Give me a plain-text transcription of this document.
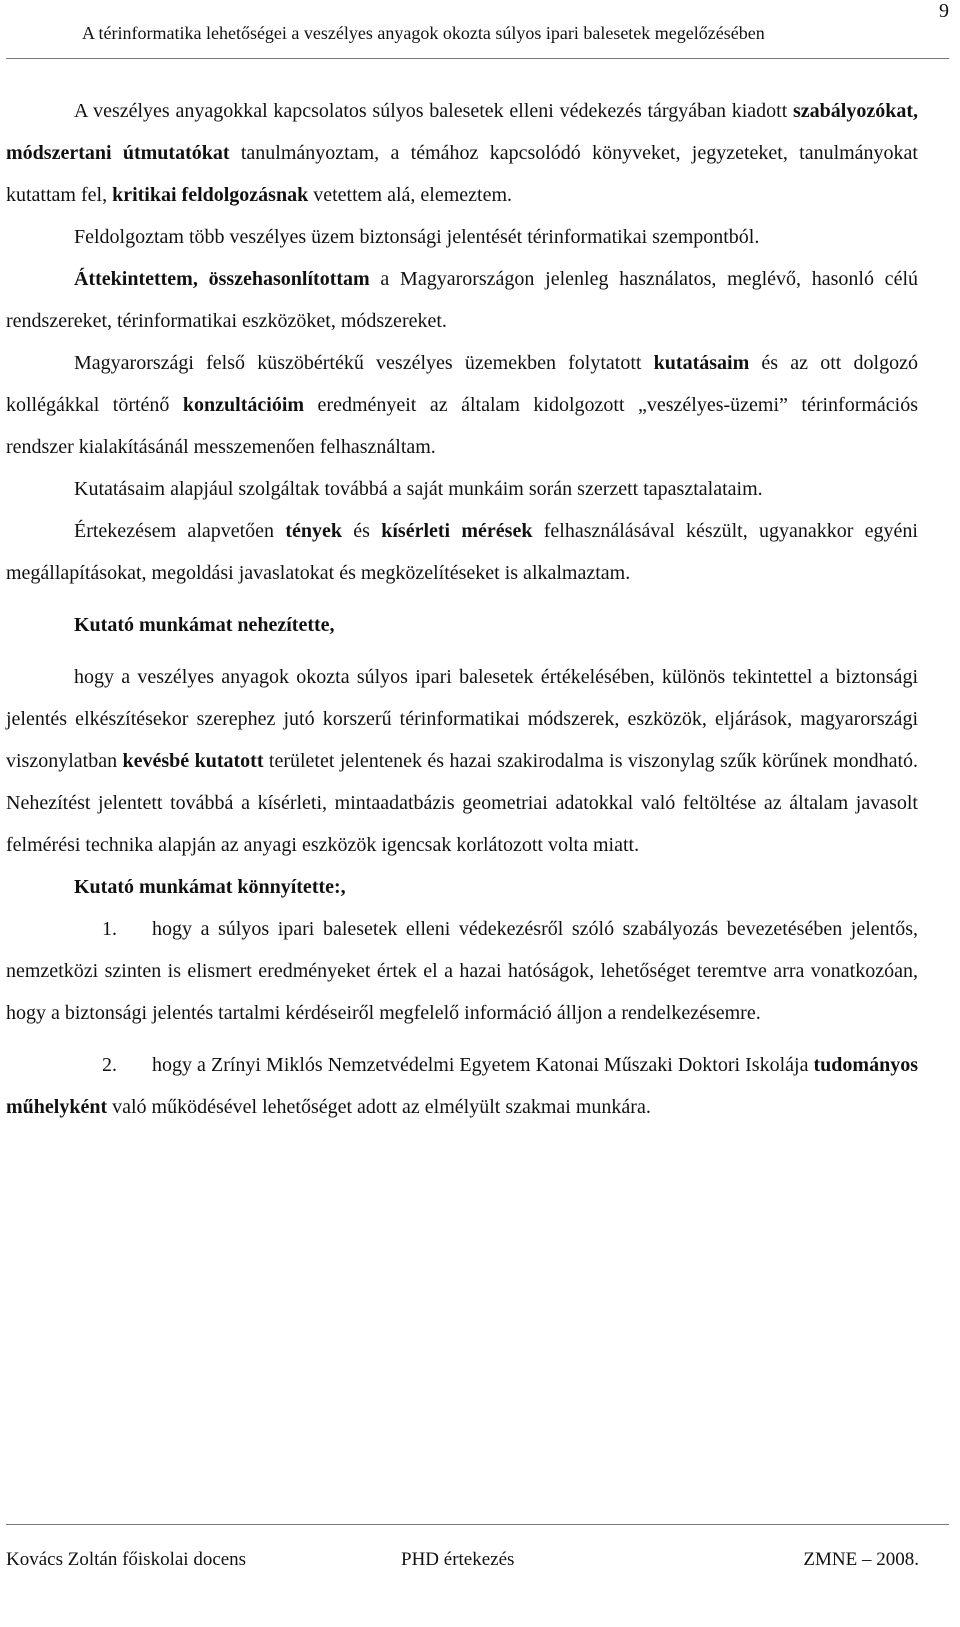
9
A térinformatika lehetőségei a veszélyes anyagok okozta súlyos ipari balesetek megelőzésében

A veszélyes anyagokkal kapcsolatos súlyos balesetek elleni védekezés tárgyában kiadott szabályozókat, módszertani útmutatókat tanulmányoztam, a témához kapcsolódó könyveket, jegyzeteket, tanulmányokat kutattam fel, kritikai feldolgozásnak vetettem alá, elemeztem.

Feldolgoztam több veszélyes üzem biztonsági jelentését térinformatikai szempontból.

Áttekintettem, összehasonlítottam a Magyarországon jelenleg használatos, meglévő, hasonló célú rendszereket, térinformatikai eszközöket, módszereket.

Magyarországi felső küszöbértékű veszélyes üzemekben folytatott kutatásaim és az ott dolgozó kollégákkal történő konzultációim eredményeit az általam kidolgozott „veszélyes-üzemi” térinformációs rendszer kialakításánál messzemenően felhasználtam.

Kutatásaim alapjául szolgáltak továbbá a saját munkáim során szerzett tapasztalataim.

Értekezésem alapvetően tények és kísérleti mérések felhasználásával készült, ugyanakkor egyéni megállapításokat, megoldási javaslatokat és megközelítéseket is alkalmaztam.

Kutató munkámat nehezítette,

hogy a veszélyes anyagok okozta súlyos ipari balesetek értékelésében, különös tekintettel a biztonsági jelentés elkészítésekor szerephez jutó korszerű térinformatikai módszerek, eszközök, eljárások, magyarországi viszonylatban kevésbé kutatott területet jelentenek és hazai szakirodalma is viszonylag szűk körűnek mondható. Nehezítést jelentett továbbá a kísérleti, mintaadatbázis geometriai adatokkal való feltöltése az általam javasolt felmérési technika alapján az anyagi eszközök igencsak korlátozott volta miatt.

Kutató munkámat könnyítette:,

1. hogy a súlyos ipari balesetek elleni védekezésről szóló szabályozás bevezetésében jelentős, nemzetközi szinten is elismert eredményeket értek el a hazai hatóságok, lehetőséget teremtve arra vonatkozóan, hogy a biztonsági jelentés tartalmi kérdéseiről megfelelő információ álljon a rendelkezésemre.

2. hogy a Zrínyi Miklós Nemzetvédelmi Egyetem Katonai Műszaki Doktori Iskolája tudományos műhelyként való működésével lehetőséget adott az elmélyült szakmai munkára.

Kovács Zoltán főiskolai docens	PHD értekezés	ZMNE – 2008.
